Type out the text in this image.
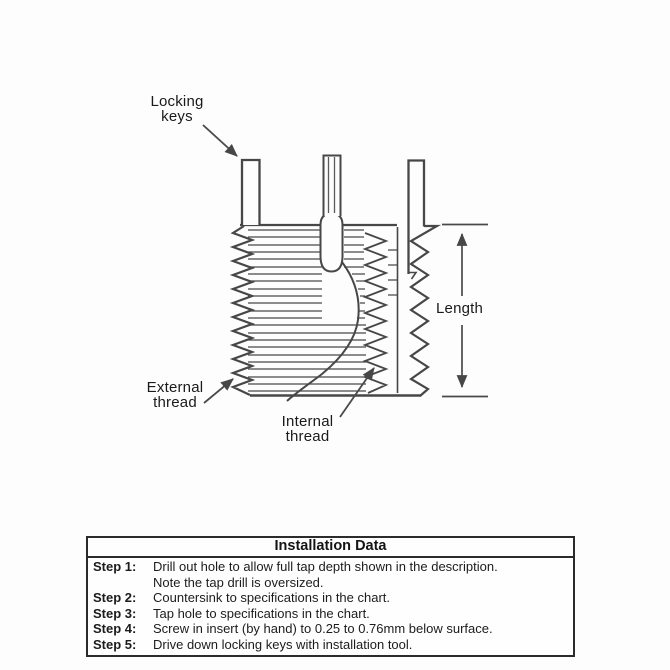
Locking keys
Length
External thread
Internal thread
Installation Data
Step 1:	Drill out hole to allow full tap depth shown in the description.
Note the tap drill is oversized.
Step 2:	Countersink to specifications in the chart.
Step 3:	Tap hole to specifications in the chart.
Step 4:	Screw in insert (by hand) to 0.25 to 0.76mm below surface.
Step 5:	Drive down locking keys with installation tool.
